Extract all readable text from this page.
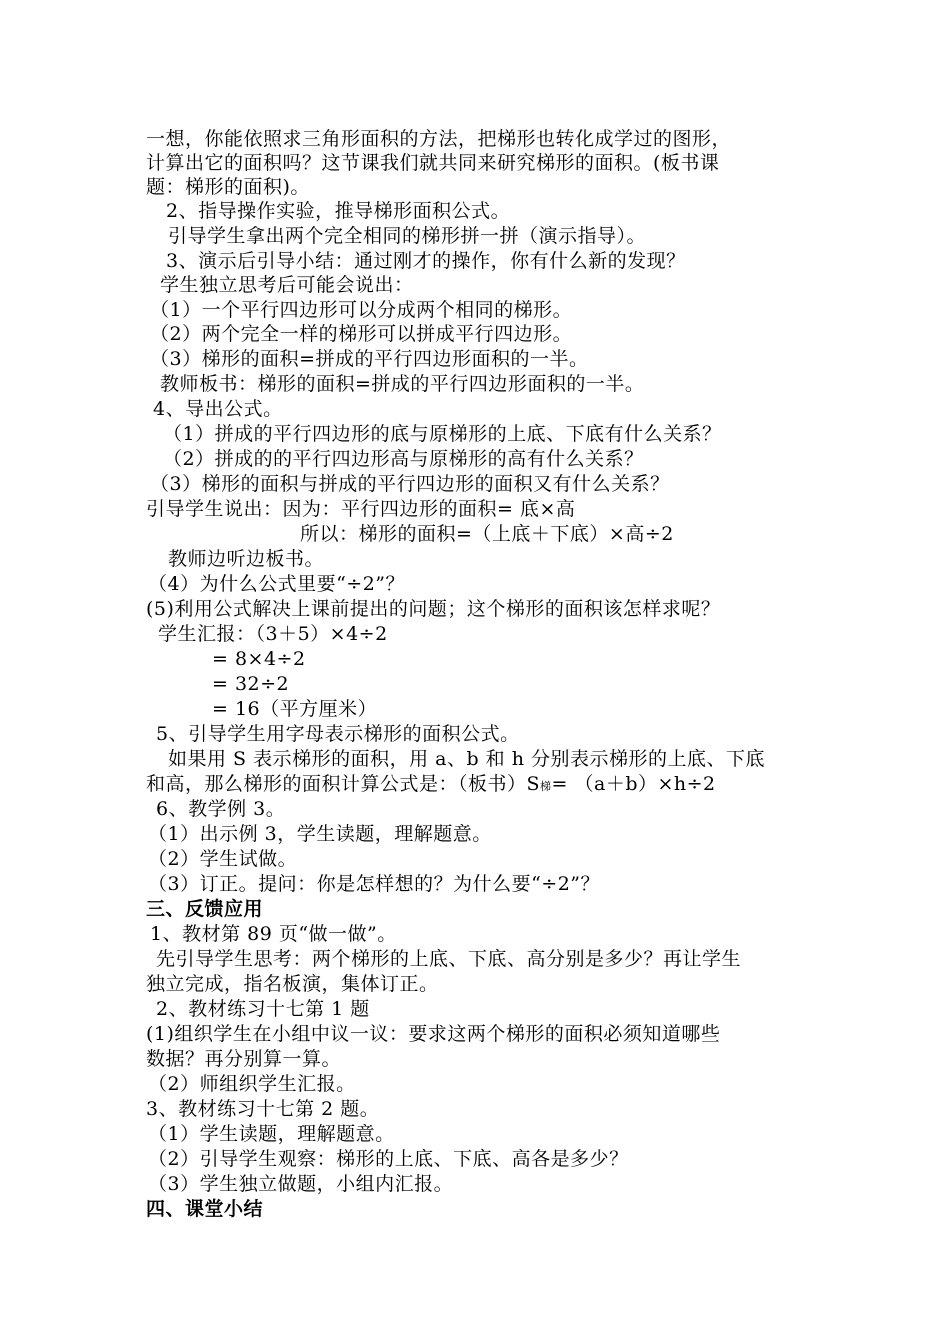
一想，你能依照求三角形面积的方法，把梯形也转化成学过的图形，
计算出它的面积吗？这节课我们就共同来研究梯形的面积。(板书课
题：梯形的面积)。
2、指导操作实验，推导梯形面积公式。
引导学生拿出两个完全相同的梯形拼一拼（演示指导）。
3、演示后引导小结：通过刚才的操作，你有什么新的发现？
学生独立思考后可能会说出：
（1）一个平行四边形可以分成两个相同的梯形。
（2）两个完全一样的梯形可以拼成平行四边形。
（3）梯形的面积=拼成的平行四边形面积的一半。
教师板书：梯形的面积=拼成的平行四边形面积的一半。
4、导出公式。
（1）拼成的平行四边形的底与原梯形的上底、下底有什么关系？
（2）拼成的的平行四边形高与原梯形的高有什么关系？
（3）梯形的面积与拼成的平行四边形的面积又有什么关系？
引导学生说出：因为：平行四边形的面积= 底×高
所以：梯形的面积=（上底＋下底）×高÷2
教师边听边板书。
（4）为什么公式里要“÷2”？
(5)利用公式解决上课前提出的问题；这个梯形的面积该怎样求呢？
学生汇报：（3＋5）×4÷2
= 8×4÷2
= 32÷2
= 16（平方厘米）
5、引导学生用字母表示梯形的面积公式。
如果用 S 表示梯形的面积，用 a、b 和 h 分别表示梯形的上底、下底
和高，那么梯形的面积计算公式是：（板书）S梯= （a＋b）×h÷2
6、教学例 3。
（1）出示例 3，学生读题，理解题意。
（2）学生试做。
（3）订正。提问：你是怎样想的？为什么要“÷2”？
三、反馈应用
1、教材第 89 页“做一做”。
先引导学生思考：两个梯形的上底、下底、高分别是多少？再让学生
独立完成，指名板演，集体订正。
2、教材练习十七第 1 题
(1)组织学生在小组中议一议：要求这两个梯形的面积必须知道哪些
数据？再分别算一算。
（2）师组织学生汇报。
3、教材练习十七第 2 题。
（1）学生读题，理解题意。
（2）引导学生观察：梯形的上底、下底、高各是多少？
（3）学生独立做题，小组内汇报。
四、课堂小结
